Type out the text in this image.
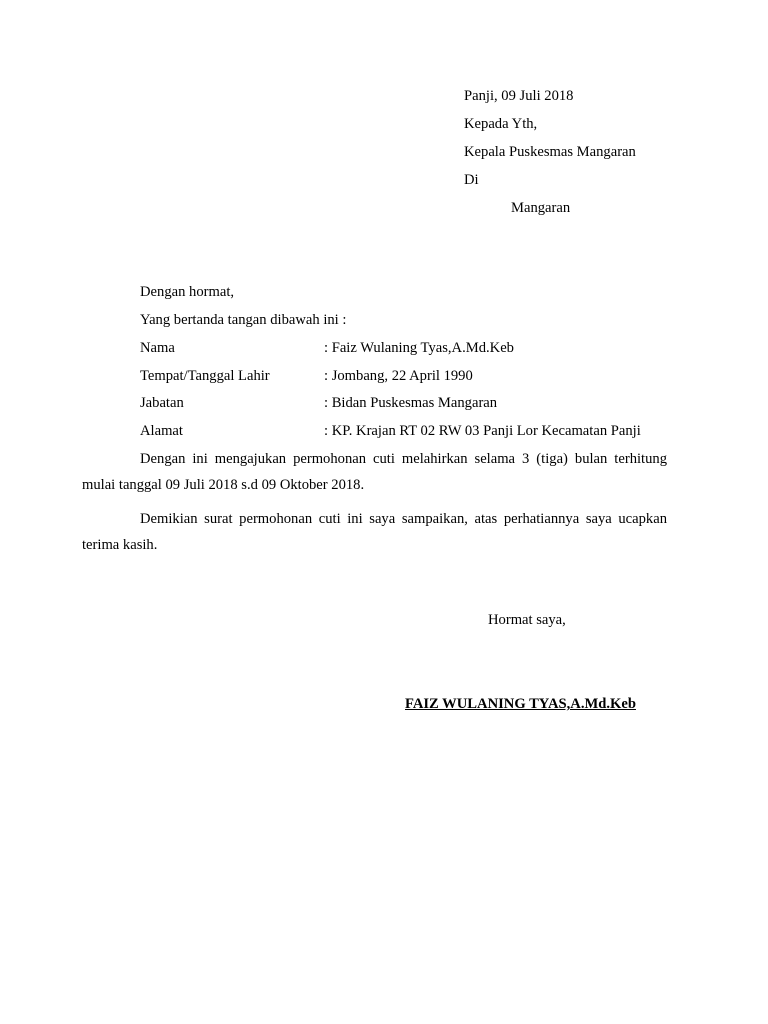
Panji, 09 Juli 2018
Kepada Yth,
Kepala Puskesmas Mangaran
Di
Mangaran
Dengan hormat,
Yang bertanda tangan dibawah ini :
Nama	: Faiz Wulaning Tyas,A.Md.Keb
Tempat/Tanggal Lahir	: Jombang, 22 April 1990
Jabatan	: Bidan Puskesmas Mangaran
Alamat	: KP. Krajan RT 02 RW 03 Panji Lor Kecamatan Panji
Dengan ini mengajukan permohonan cuti melahirkan selama 3 (tiga) bulan terhitung mulai tanggal 09 Juli 2018 s.d 09 Oktober 2018.
Demikian surat permohonan cuti ini saya sampaikan, atas perhatiannya saya ucapkan terima kasih.
Hormat saya,
FAIZ WULANING TYAS,A.Md.Keb
